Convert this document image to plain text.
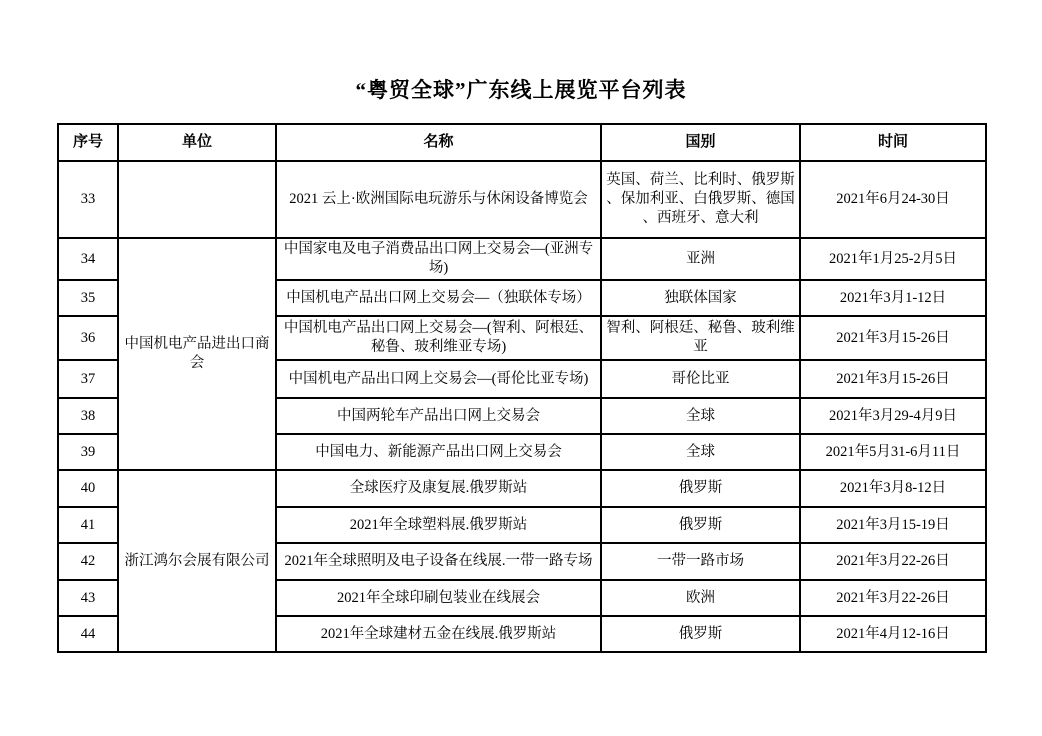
“粤贸全球”广东线上展览平台列表
序号	单位	名称	国别	时间
33		2021 云上·欧洲国际电玩游乐与休闲设备博览会	英国、荷兰、比利时、俄罗斯 、保加利亚、白俄罗斯、德国 、西班牙、意大利	2021年6月24-30日
34	中国机电产品进出口商会	中国家电及电子消费品出口网上交易会—(亚洲专场)	亚洲	2021年1月25-2月5日
35		中国机电产品出口网上交易会—（独联体专场）	独联体国家	2021年3月1-12日
36		中国机电产品出口网上交易会—(智利、阿根廷、秘鲁、玻利维亚专场)	智利、阿根廷、秘鲁、玻利维亚	2021年3月15-26日
37		中国机电产品出口网上交易会—(哥伦比亚专场)	哥伦比亚	2021年3月15-26日
38		中国两轮车产品出口网上交易会	全球	2021年3月29-4月9日
39		中国电力、新能源产品出口网上交易会	全球	2021年5月31-6月11日
40	浙江鸿尔会展有限公司	全球医疗及康复展.俄罗斯站	俄罗斯	2021年3月8-12日
41		2021年全球塑料展.俄罗斯站	俄罗斯	2021年3月15-19日
42		2021年全球照明及电子设备在线展.一带一路专场	一带一路市场	2021年3月22-26日
43		2021年全球印刷包装业在线展会	欧洲	2021年3月22-26日
44		2021年全球建材五金在线展.俄罗斯站	俄罗斯	2021年4月12-16日
